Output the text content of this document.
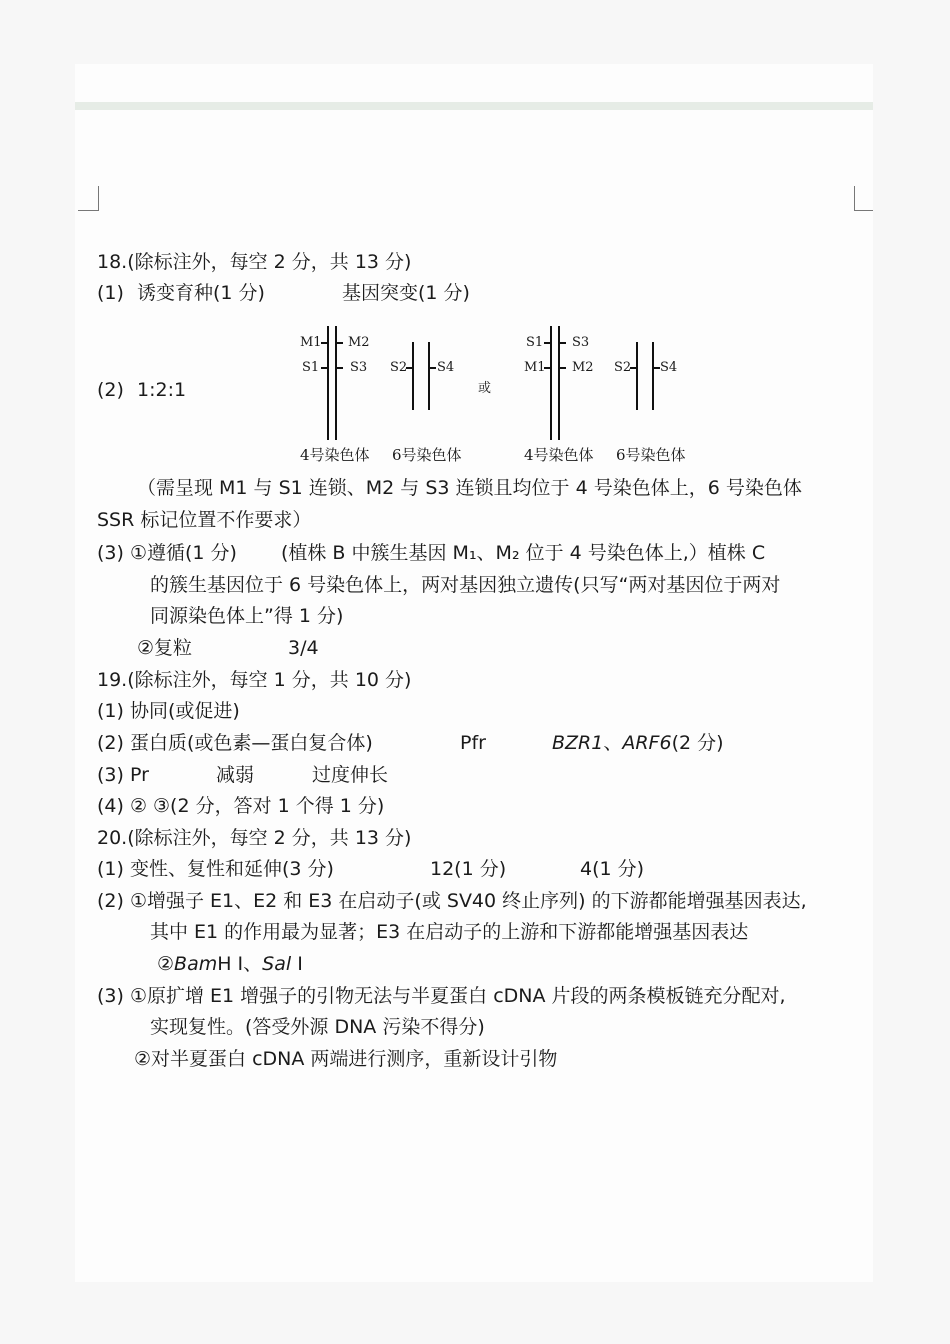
18.(除标注外，每空 2 分，共 13 分)
(1) 诱变育种(1 分)	基因突变(1 分)
(2) 1:2:1
M1 M2
S1 S3 S2 S4
4号染色体 6号染色体
或
S1 S3
M1 M2 S2 S4
4号染色体 6号染色体
（需呈现 M1 与 S1 连锁、M2 与 S3 连锁且均位于 4 号染色体上，6 号染色体
SSR 标记位置不作要求）
(3) ①遵循(1 分)　　 (植株 B 中簇生基因 M₁、M₂ 位于 4 号染色体上,）植株 C
的簇生基因位于 6 号染色体上，两对基因独立遗传(只写“两对基因位于两对
同源染色体上”得 1 分)
②复粒	3/4
19.(除标注外，每空 1 分，共 10 分)
(1) 协同(或促进)
(2) 蛋白质(或色素—蛋白复合体)	Pfr	BZR1、ARF6(2 分)
(3) Pr	减弱	过度伸长
(4) ② ③(2 分，答对 1 个得 1 分)
20.(除标注外，每空 2 分，共 13 分)
(1) 变性、复性和延伸(3 分)	12(1 分)	4(1 分)
(2) ①增强子 E1、E2 和 E3 在启动子(或 SV40 终止序列) 的下游都能增强基因表达,
其中 E1 的作用最为显著；E3 在启动子的上游和下游都能增强基因表达
②BamH Ⅰ、Sal Ⅰ
(3) ①原扩增 E1 增强子的引物无法与半夏蛋白 cDNA 片段的两条模板链充分配对,
实现复性。(答受外源 DNA 污染不得分)
②对半夏蛋白 cDNA 两端进行测序，重新设计引物
